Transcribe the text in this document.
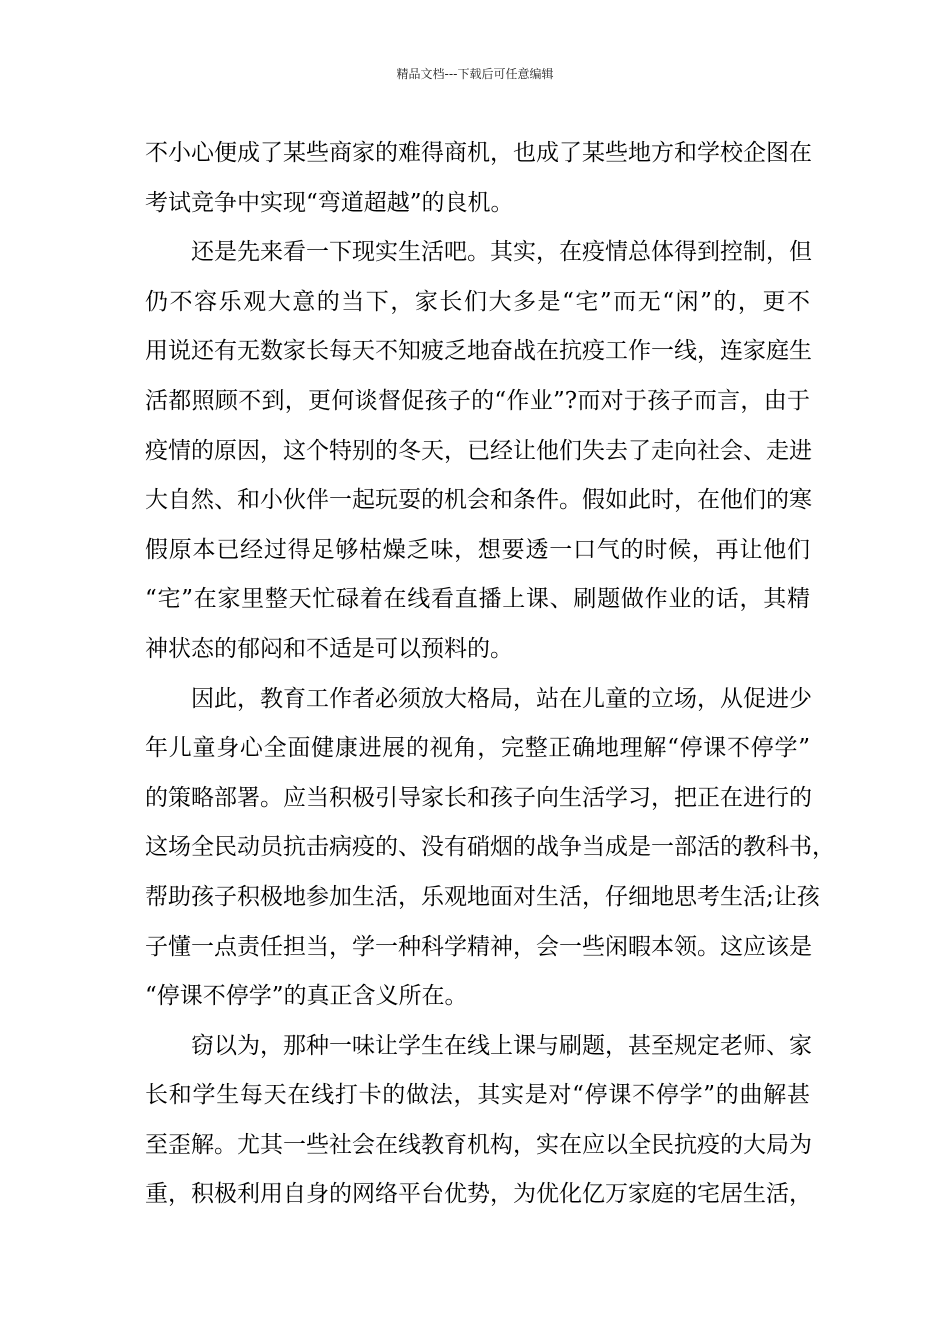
精品文档---下载后可任意编辑
不小心便成了某些商家的难得商机，也成了某些地方和学校企图在
考试竞争中实现“弯道超越”的良机。
还是先来看一下现实生活吧。其实，在疫情总体得到控制，但
仍不容乐观大意的当下，家长们大多是“宅”而无“闲”的，更不
用说还有无数家长每天不知疲乏地奋战在抗疫工作一线，连家庭生
活都照顾不到，更何谈督促孩子的“作业”?而对于孩子而言，由于
疫情的原因，这个特别的冬天，已经让他们失去了走向社会、走进
大自然、和小伙伴一起玩耍的机会和条件。假如此时，在他们的寒
假原本已经过得足够枯燥乏味，想要透一口气的时候，再让他们
“宅”在家里整天忙碌着在线看直播上课、刷题做作业的话，其精
神状态的郁闷和不适是可以预料的。
因此，教育工作者必须放大格局，站在儿童的立场，从促进少
年儿童身心全面健康进展的视角，完整正确地理解“停课不停学”
的策略部署。应当积极引导家长和孩子向生活学习，把正在进行的
这场全民动员抗击病疫的、没有硝烟的战争当成是一部活的教科书，
帮助孩子积极地参加生活，乐观地面对生活，仔细地思考生活;让孩
子懂一点责任担当，学一种科学精神，会一些闲暇本领。这应该是
“停课不停学”的真正含义所在。
窃以为，那种一味让学生在线上课与刷题，甚至规定老师、家
长和学生每天在线打卡的做法，其实是对“停课不停学”的曲解甚
至歪解。尤其一些社会在线教育机构，实在应以全民抗疫的大局为
重，积极利用自身的网络平台优势，为优化亿万家庭的宅居生活，
